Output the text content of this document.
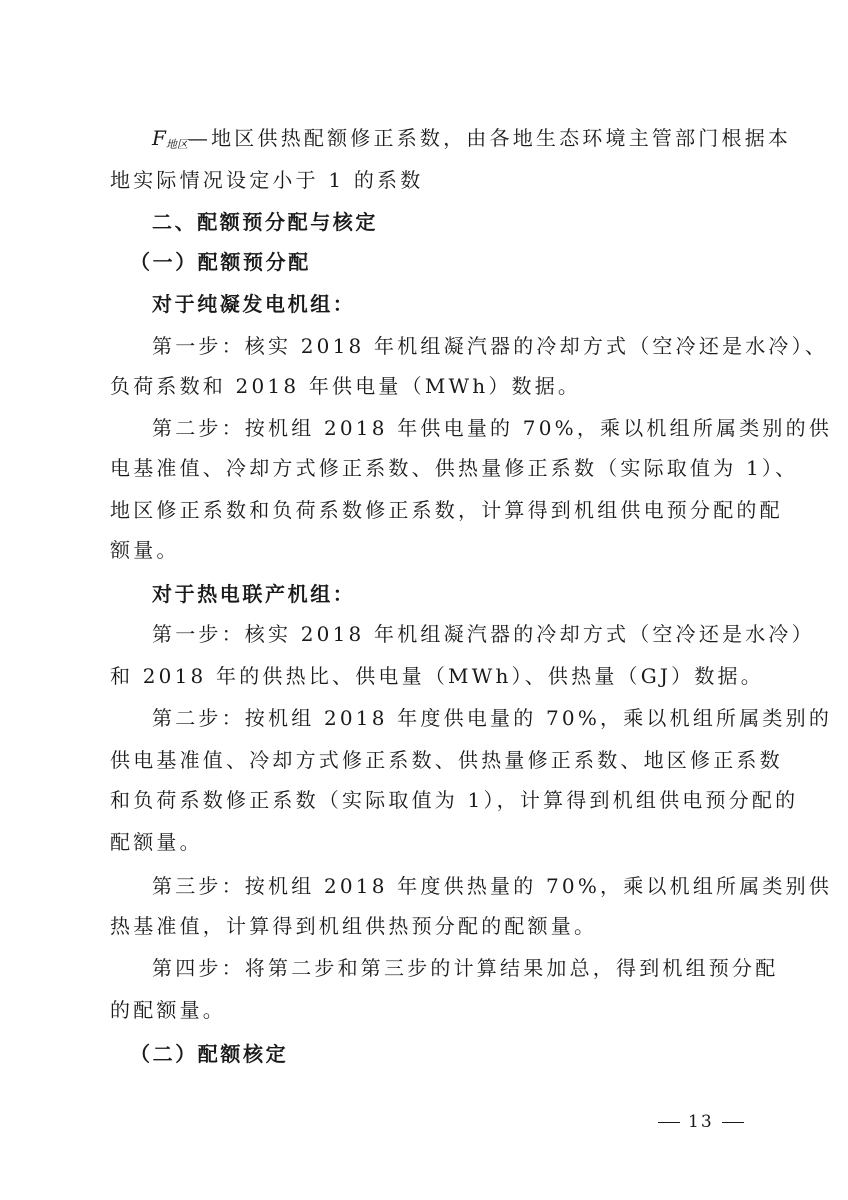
$F_{地区}—$地区供热配额修正系数，由各地生态环境主管部门根据本
地实际情况设定小于 1 的系数
二、配额预分配与核定
（一）配额预分配
对于纯凝发电机组：
第一步：核实 2018 年机组凝汽器的冷却方式（空冷还是水冷）、
负荷系数和 2018 年供电量（MWh）数据。
第二步：按机组 2018 年供电量的 70%，乘以机组所属类别的供
电基准值、冷却方式修正系数、供热量修正系数（实际取值为 1）、
地区修正系数和负荷系数修正系数，计算得到机组供电预分配的配
额量。
对于热电联产机组：
第一步：核实 2018 年机组凝汽器的冷却方式（空冷还是水冷）
和 2018 年的供热比、供电量（MWh）、供热量（GJ）数据。
第二步：按机组 2018 年度供电量的 70%，乘以机组所属类别的
供电基准值、冷却方式修正系数、供热量修正系数、地区修正系数
和负荷系数修正系数（实际取值为 1），计算得到机组供电预分配的
配额量。
第三步：按机组 2018 年度供热量的 70%，乘以机组所属类别供
热基准值，计算得到机组供热预分配的配额量。
第四步：将第二步和第三步的计算结果加总，得到机组预分配
的配额量。
（二）配额核定
13
